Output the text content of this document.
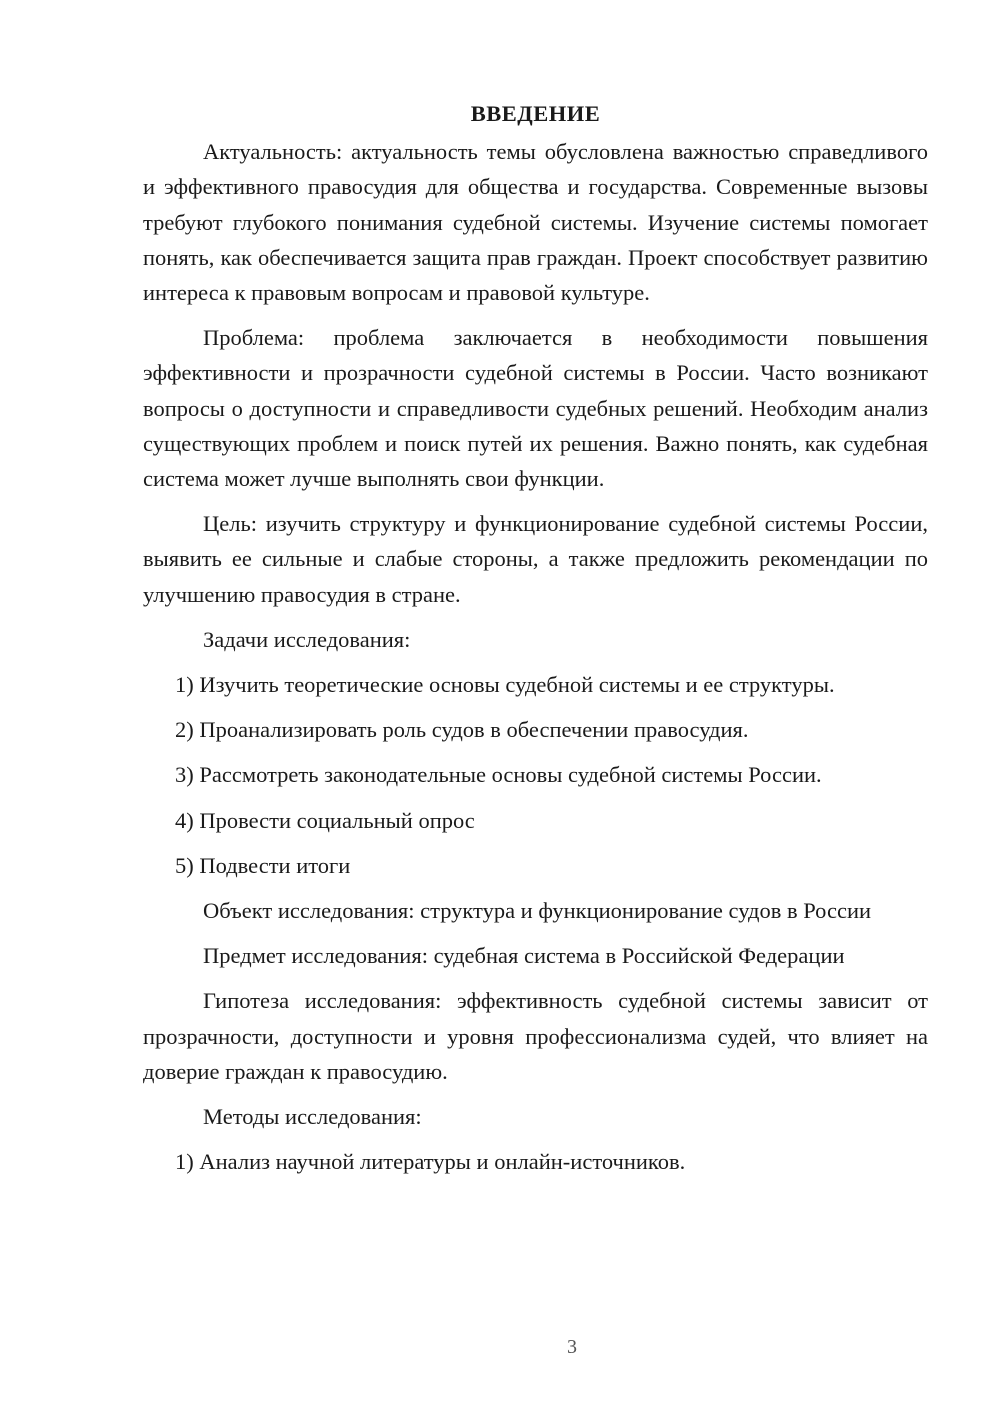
ВВЕДЕНИЕ

Актуальность: актуальность темы обусловлена важностью справедливого и эффективного правосудия для общества и государства. Современные вызовы требуют глубокого понимания судебной системы. Изучение системы помогает понять, как обеспечивается защита прав граждан. Проект способствует развитию интереса к правовым вопросам и правовой культуре.

Проблема: проблема заключается в необходимости повышения эффективности и прозрачности судебной системы в России. Часто возникают вопросы о доступности и справедливости судебных решений. Необходим анализ существующих проблем и поиск путей их решения. Важно понять, как судебная система может лучше выполнять свои функции.

Цель: изучить структуру и функционирование судебной системы России, выявить ее сильные и слабые стороны, а также предложить рекомендации по улучшению правосудия в стране.

Задачи исследования:

1) Изучить теоретические основы судебной системы и ее структуры.

2) Проанализировать роль судов в обеспечении правосудия.

3) Рассмотреть законодательные основы судебной системы России.

4) Провести социальный опрос

5) Подвести итоги

Объект исследования: структура и функционирование судов в России

Предмет исследования: судебная система в Российской Федерации

Гипотеза исследования: эффективность судебной системы зависит от прозрачности, доступности и уровня профессионализма судей, что влияет на доверие граждан к правосудию.

Методы исследования:

1) Анализ научной литературы и онлайн-источников.

3
